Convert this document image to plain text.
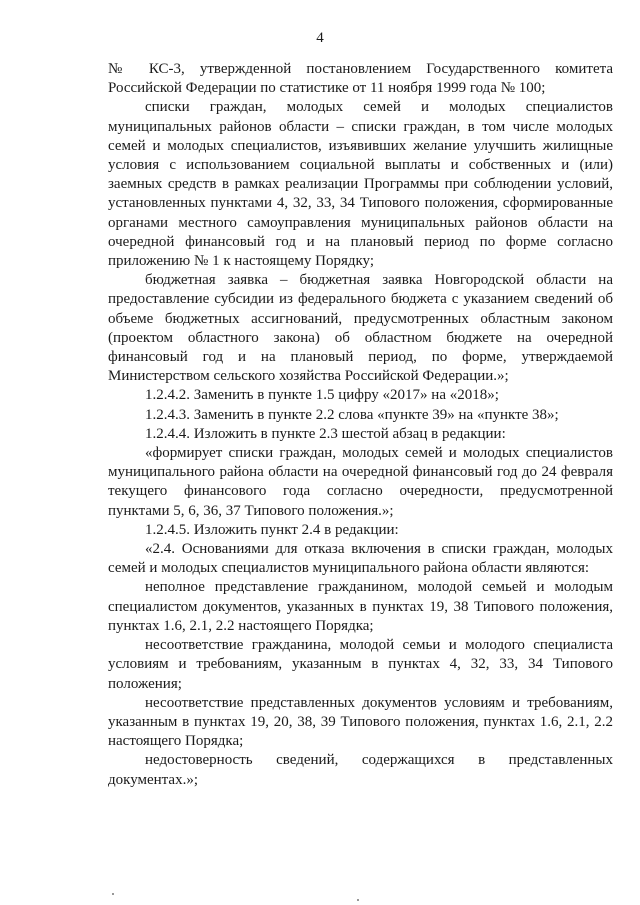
4

№ КС-3, утвержденной постановлением Государственного комитета Российской Федерации по статистике от 11 ноября 1999 года № 100;

списки граждан, молодых семей и молодых специалистов муниципальных районов области – списки граждан, в том числе молодых семей и молодых специалистов, изъявивших желание улучшить жилищные условия с использованием социальной выплаты и собственных и (или) заемных средств в рамках реализации Программы при соблюдении условий, установленных пунктами 4, 32, 33, 34 Типового положения, сформированные органами местного самоуправления муниципальных районов области на очередной финансовый год и на плановый период по форме согласно приложению № 1 к настоящему Порядку;

бюджетная заявка – бюджетная заявка Новгородской области на предоставление субсидии из федерального бюджета с указанием сведений об объеме бюджетных ассигнований, предусмотренных областным законом (проектом областного закона) об областном бюджете на очередной финансовый год и на плановый период, по форме, утверждаемой Министерством сельского хозяйства Российской Федерации.»;

1.2.4.2. Заменить в пункте 1.5 цифру «2017» на «2018»;

1.2.4.3. Заменить в пункте 2.2 слова «пункте 39» на «пункте 38»;

1.2.4.4. Изложить в пункте 2.3 шестой абзац в редакции:

«формирует списки граждан, молодых семей и молодых специалистов муниципального района области на очередной финансовый год до 24 февраля текущего финансового года согласно очередности, предусмотренной пунктами 5, 6, 36, 37 Типового положения.»;

1.2.4.5. Изложить пункт 2.4 в редакции:

«2.4. Основаниями для отказа включения в списки граждан, молодых семей и молодых специалистов муниципального района области являются:

неполное представление гражданином, молодой семьей и молодым специалистом документов, указанных в пунктах 19, 38 Типового положения, пунктах 1.6, 2.1, 2.2 настоящего Порядка;

несоответствие гражданина, молодой семьи и молодого специалиста условиям и требованиям, указанным в пунктах 4, 32, 33, 34 Типового положения;

несоответствие представленных документов условиям и требованиям, указанным в пунктах 19, 20, 38, 39 Типового положения, пунктах 1.6, 2.1, 2.2 настоящего Порядка;

недостоверность сведений, содержащихся в представленных документах.»;
